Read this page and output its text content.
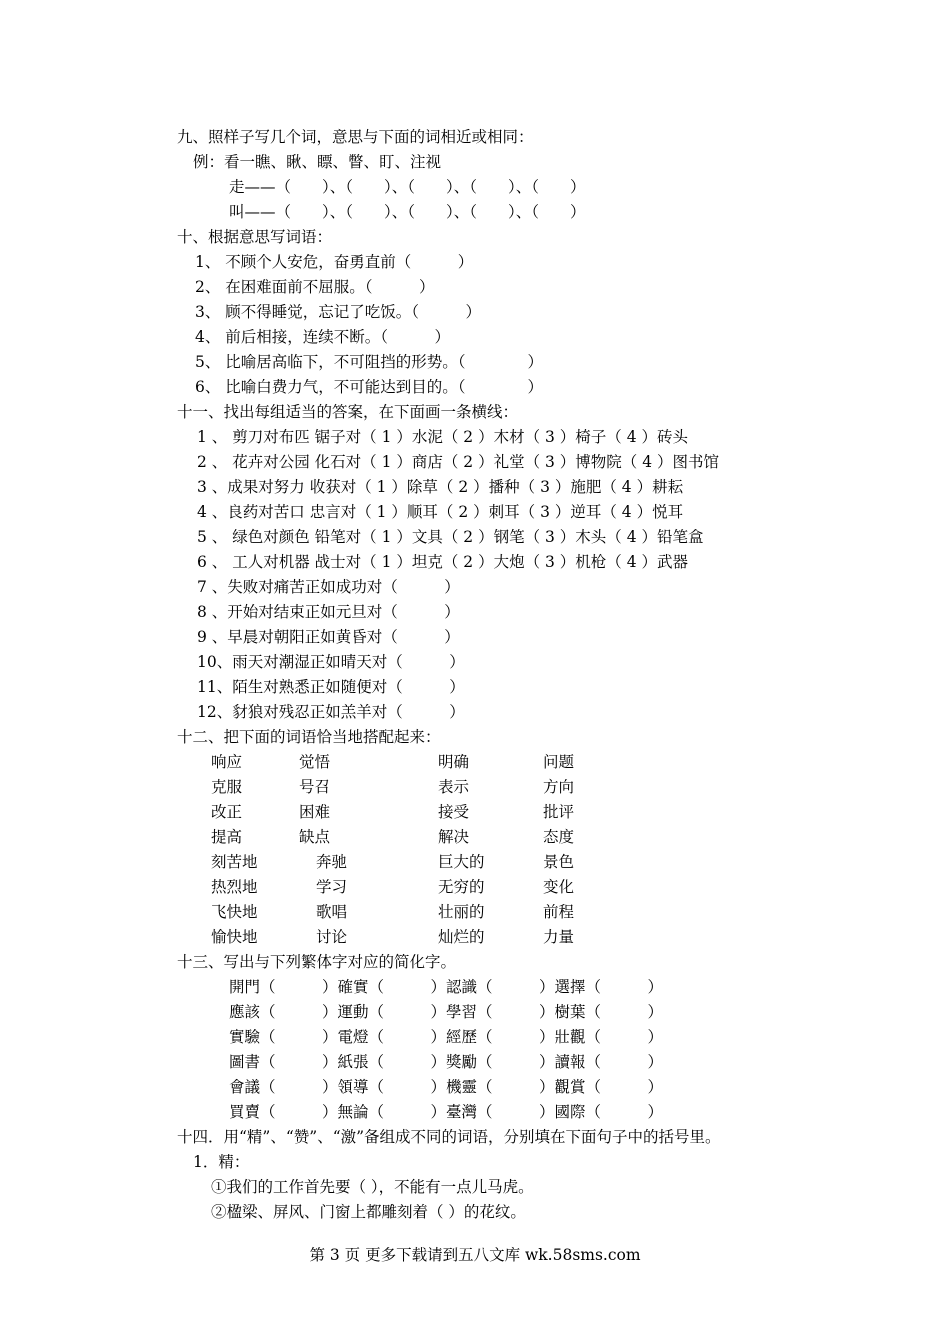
九、照样子写几个词，意思与下面的词相近或相同：
例：看一瞧、瞅、瞟、瞥、盯、注视
走——（　　）、（　　）、（　　）、（　　）、（　　）
叫——（　　）、（　　）、（　　）、（　　）、（　　）
十、根据意思写词语：
1、 不顾个人安危，奋勇直前（　　　）
2、 在困难面前不屈服。（　　　）
3、 顾不得睡觉，忘记了吃饭。（　　　）
4、 前后相接，连续不断。（　　　）
5、 比喻居高临下，不可阻挡的形势。（　　　　）
6、 比喻白费力气，不可能达到目的。（　　　　）
十一、找出每组适当的答案，在下面画一条横线：
1 、 剪刀对布匹 锯子对（ 1 ）水泥（ 2 ）木材（ 3 ）椅子（ 4 ）砖头
2 、 花卉对公园 化石对（ 1 ）商店（ 2 ）礼堂（ 3 ）博物院（ 4 ）图书馆
3 、成果对努力 收获对（ 1 ）除草（ 2 ）播种（ 3 ）施肥（ 4 ）耕耘
4 、良药对苦口 忠言对（ 1 ）顺耳（ 2 ）刺耳（ 3 ）逆耳（ 4 ）悦耳
5 、 绿色对颜色 铅笔对（ 1 ）文具（ 2 ）钢笔（ 3 ）木头（ 4 ）铅笔盒
6 、 工人对机器 战士对（ 1 ）坦克（ 2 ）大炮（ 3 ）机枪（ 4 ）武器
7 、失败对痛苦正如成功对（　　　）
8 、开始对结束正如元旦对（　　　）
9 、早晨对朝阳正如黄昏对（　　　）
10、雨天对潮湿正如晴天对（　　　）
11、陌生对熟悉正如随便对（　　　）
12、豺狼对残忍正如羔羊对（　　　）
十二、把下面的词语恰当地搭配起来：
响应	觉悟	明确	问题
克服	号召	表示	方向
改正	困难	接受	批评
提高	缺点	解决	态度
刻苦地	奔驰	巨大的	景色
热烈地	学习	无穷的	变化
飞快地	歌唱	壮丽的	前程
愉快地	讨论	灿烂的	力量
十三、写出与下列繁体字对应的简化字。
開門（　　　）確實（　　　）認識（　　　）選擇（　　　）
應該（　　　）運動（　　　）學習（　　　）樹葉（　　　）
實驗（　　　）電燈（　　　）經歷（　　　）壯觀（　　　）
圖書（　　　）紙張（　　　）獎勵（　　　）讀報（　　　）
會議（　　　）領導（　　　）機靈（　　　）觀賞（　　　）
買賣（　　　）無論（　　　）臺灣（　　　）國際（　　　）
十四．用“精”、“赞”、“激”备组成不同的词语，分别填在下面句子中的括号里。
1．精：
①我们的工作首先要（ ），不能有一点儿马虎。
②楹梁、屏风、门窗上都雕刻着（ ）的花纹。
第 3 页 更多下载请到五八文库 wk.58sms.com
